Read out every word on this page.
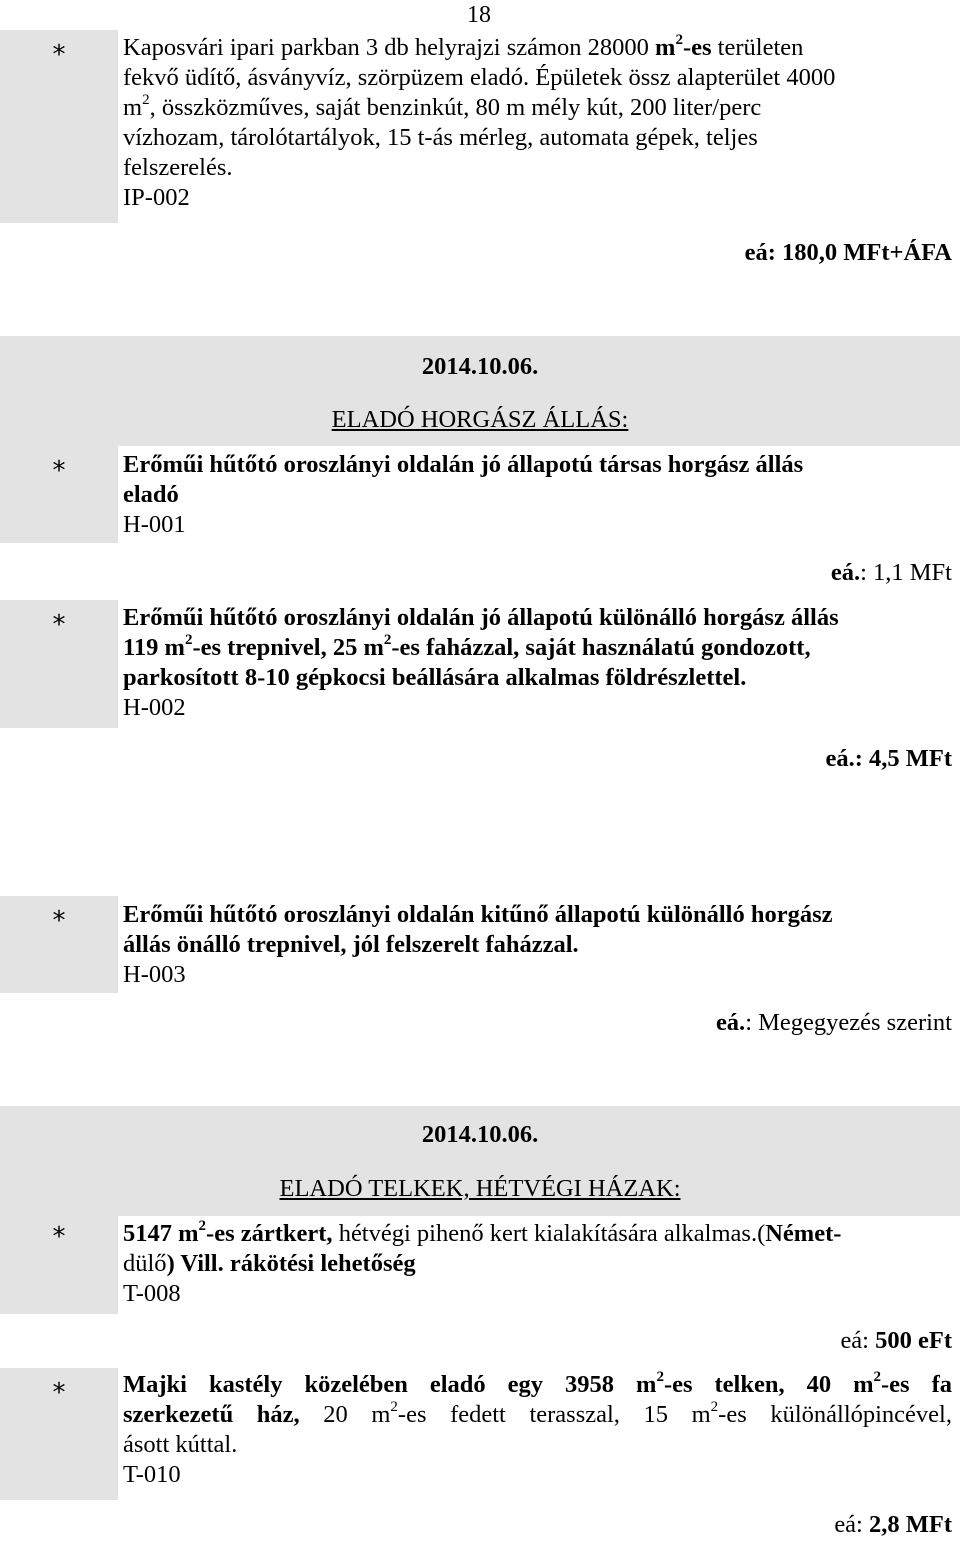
18
*	Kaposvári ipari parkban 3 db helyrajzi számon 28000 $m^2-es$ területen
fekvő üdítő, ásványvíz, szörpüzem eladó. Épületek össz alapterület 4000
$m^2$, összközműves, saját benzinkút, 80 m mély kút, 200 liter/perc
vízhozam, tárolótartályok, 15 t-ás mérleg, automata gépek, teljes
felszerelés.
IP-002
eá: 180,0 MFt+ÁFA
2014.10.06.
ELADÓ HORGÁSZ ÁLLÁS:
*	Erőműi hűtőtó oroszlányi oldalán jó állapotú társas horgász állás
eladó
H-001
eá.: 1,1 MFt
*	Erőműi hűtőtó oroszlányi oldalán jó állapotú különálló horgász állás
119 $m^2-es$ trepnivel, 25 $m^2-es$ faházzal, saját használatú gondozott,
parkosított 8-10 gépkocsi beállására alkalmas földrészlettel.
H-002
eá.: 4,5 MFt
*	Erőműi hűtőtó oroszlányi oldalán kitűnő állapotú különálló horgász
állás önálló trepnivel, jól felszerelt faházzal.
H-003
eá.: Megegyezés szerint
2014.10.06.
ELADÓ TELKEK, HÉTVÉGI HÁZAK:
*	5147 $m^2-es$ zártkert, hétvégi pihenő kert kialakítására alkalmas.(Német-
dülő) Vill. rákötési lehetőség
T-008
eá: 500 eFt
*	Majki kastély közelében eladó egy 3958 $m^2-es$ telken, 40 $m^2-es$ fa
szerkezetű ház, 20 $m^2-es$ fedett terasszal, 15 $m^2-es$ különállópincével,
ásott kúttal.
T-010
eá: 2,8 MFt
